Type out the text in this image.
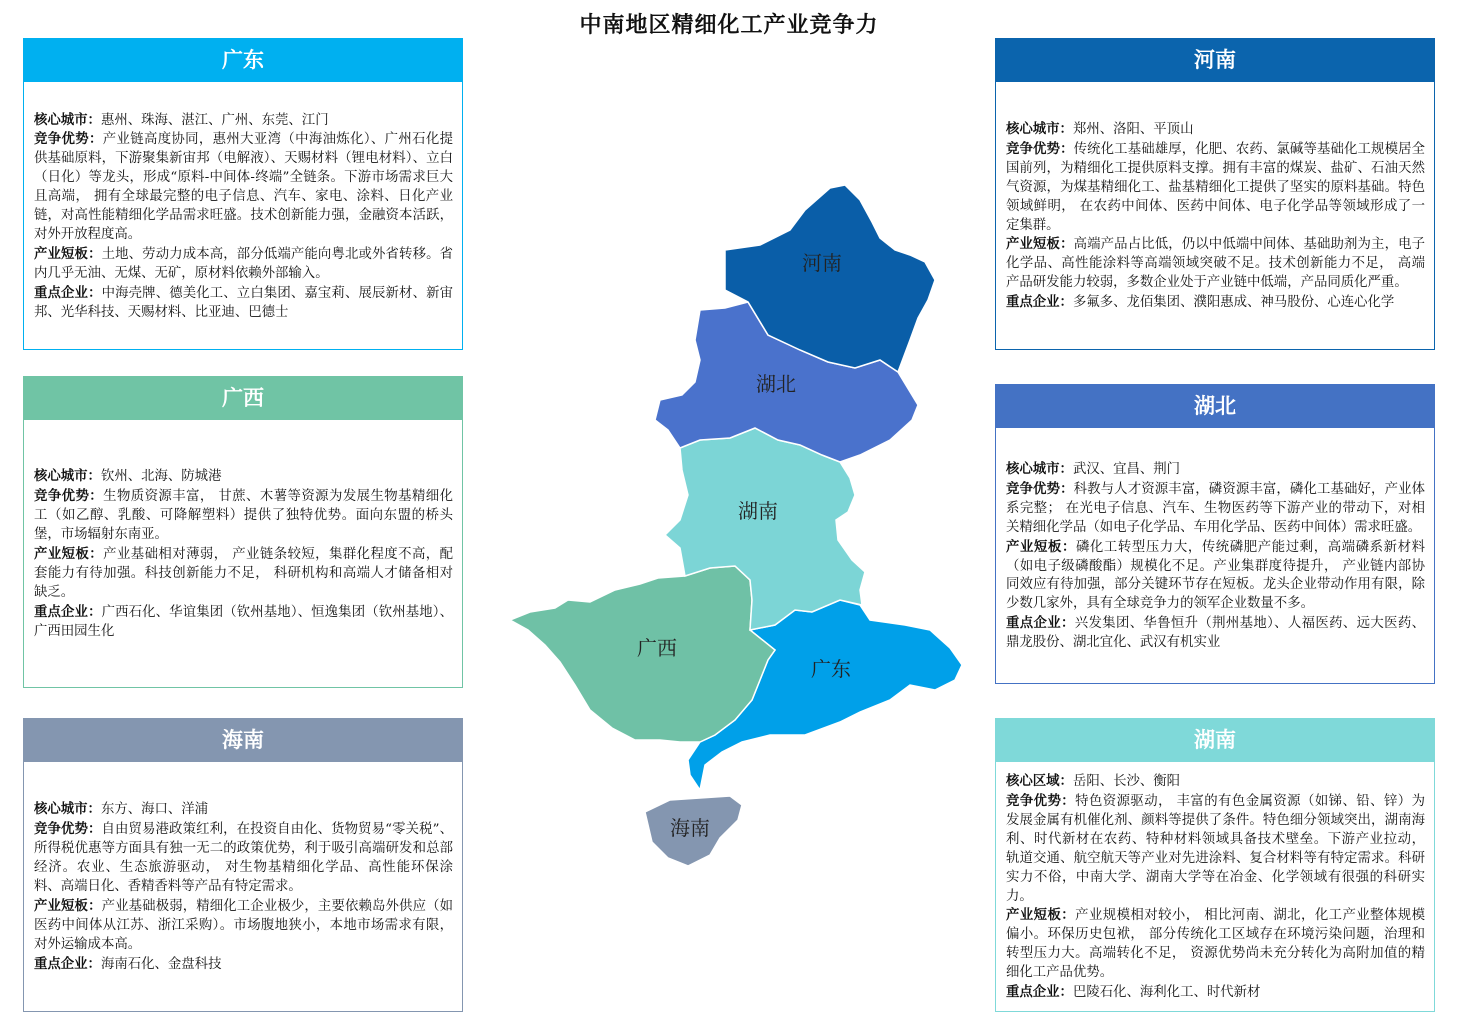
中南地区精细化工产业竞争力
河南
湖北
湖南
广西
广东
海南
广东

核心城市：惠州、珠海、湛江、广州、东莞、江门

竞争优势：产业链高度协同，惠州大亚湾（中海油炼化）、广州石化提供基础原料，下游聚集新宙邦（电解液）、天赐材料（锂电材料）、立白（日化）等龙头，形成“原料-中间体-终端”全链条。下游市场需求巨大且高端， 拥有全球最完整的电子信息、汽车、家电、涂料、日化产业链，对高性能精细化学品需求旺盛。技术创新能力强，金融资本活跃，对外开放程度高。

产业短板：土地、劳动力成本高，部分低端产能向粤北或外省转移。省内几乎无油、无煤、无矿，原材料依赖外部输入。

重点企业：中海壳牌、德美化工、立白集团、嘉宝莉、展辰新材、新宙邦、光华科技、天赐材料、比亚迪、巴德士

广西

核心城市：钦州、北海、防城港

竞争优势：生物质资源丰富， 甘蔗、木薯等资源为发展生物基精细化工（如乙醇、乳酸、可降解塑料）提供了独特优势。面向东盟的桥头堡，市场辐射东南亚。

产业短板：产业基础相对薄弱， 产业链条较短，集群化程度不高，配套能力有待加强。科技创新能力不足， 科研机构和高端人才储备相对缺乏。

重点企业：广西石化、华谊集团（钦州基地）、恒逸集团（钦州基地）、广西田园生化

海南

核心城市：东方、海口、洋浦

竞争优势：自由贸易港政策红利，在投资自由化、货物贸易“零关税”、所得税优惠等方面具有独一无二的政策优势，利于吸引高端研发和总部经济。农业、生态旅游驱动， 对生物基精细化学品、高性能环保涂料、高端日化、香精香料等产品有特定需求。

产业短板：产业基础极弱，精细化工企业极少，主要依赖岛外供应（如医药中间体从江苏、浙江采购）。市场腹地狭小，本地市场需求有限，对外运输成本高。

重点企业：海南石化、金盘科技

河南

核心城市：郑州、洛阳、平顶山

竞争优势：传统化工基础雄厚，化肥、农药、氯碱等基础化工规模居全国前列，为精细化工提供原料支撑。拥有丰富的煤炭、盐矿、石油天然气资源，为煤基精细化工、盐基精细化工提供了坚实的原料基础。特色领域鲜明， 在农药中间体、医药中间体、电子化学品等领域形成了一定集群。

产业短板：高端产品占比低，仍以中低端中间体、基础助剂为主，电子化学品、高性能涂料等高端领域突破不足。技术创新能力不足， 高端产品研发能力较弱，多数企业处于产业链中低端，产品同质化严重。

重点企业：多氟多、龙佰集团、濮阳惠成、神马股份、心连心化学

湖北

核心城市：武汉、宜昌、荆门

竞争优势：科教与人才资源丰富，磷资源丰富，磷化工基础好，产业体系完整； 在光电子信息、汽车、生物医药等下游产业的带动下，对相关精细化学品（如电子化学品、车用化学品、医药中间体）需求旺盛。

产业短板：磷化工转型压力大，传统磷肥产能过剩，高端磷系新材料（如电子级磷酸酯）规模化不足。产业集群度待提升， 产业链内部协同效应有待加强，部分关键环节存在短板。龙头企业带动作用有限，除少数几家外，具有全球竞争力的领军企业数量不多。

重点企业：兴发集团、华鲁恒升（荆州基地）、人福医药、远大医药、鼎龙股份、湖北宜化、武汉有机实业

湖南

核心区域：岳阳、长沙、衡阳

竞争优势：特色资源驱动， 丰富的有色金属资源（如锑、铅、锌）为发展金属有机催化剂、颜料等提供了条件。特色细分领域突出，湖南海利、时代新材在农药、特种材料领域具备技术壁垒。下游产业拉动， 轨道交通、航空航天等产业对先进涂料、复合材料等有特定需求。科研实力不俗，中南大学、湖南大学等在冶金、化学领域有很强的科研实力。

产业短板：产业规模相对较小， 相比河南、湖北，化工产业整体规模偏小。环保历史包袱， 部分传统化工区域存在环境污染问题，治理和转型压力大。高端转化不足， 资源优势尚未充分转化为高附加值的精细化工产品优势。

重点企业：巴陵石化、海利化工、时代新材
